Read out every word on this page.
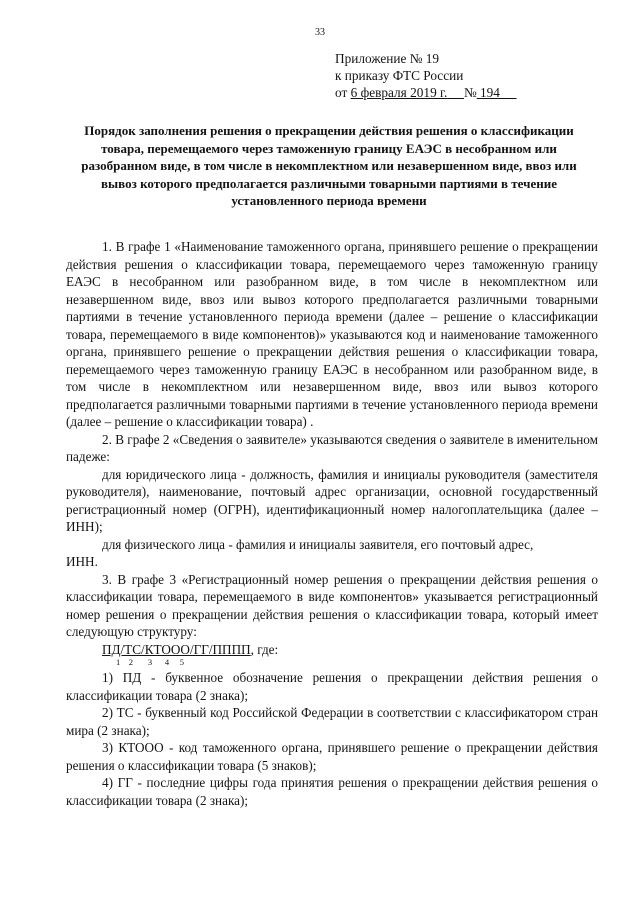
33
Приложение № 19
к приказу ФТС России
от 6 февраля 2019 г. № 194
Порядок заполнения решения о прекращении действия решения о классификации товара, перемещаемого через таможенную границу ЕАЭС в несобранном или разобранном виде, в том числе в некомплектном или незавершенном виде, ввоз или вывоз которого предполагается различными товарными партиями в течение установленного периода времени

1. В графе 1 «Наименование таможенного органа, принявшего решение о прекращении действия решения о классификации товара, перемещаемого через таможенную границу ЕАЭС в несобранном или разобранном виде, в том числе в некомплектном или незавершенном виде, ввоз или вывоз которого предполагается различными товарными партиями в течение установленного периода времени (далее – решение о классификации товара, перемещаемого в виде компонентов)» указываются код и наименование таможенного органа, принявшего решение о прекращении действия решения о классификации товара, перемещаемого через таможенную границу ЕАЭС в несобранном или разобранном виде, в том числе в некомплектном или незавершенном виде, ввоз или вывоз которого предполагается различными товарными партиями в течение установленного периода времени (далее – решение о классификации товара) .

2. В графе 2 «Сведения о заявителе» указываются сведения о заявителе в именительном падеже:

для юридического лица - должность, фамилия и инициалы руководителя (заместителя руководителя), наименование, почтовый адрес организации, основной государственный регистрационный номер (ОГРН), идентификационный номер налогоплательщика (далее – ИНН);

для физического лица - фамилия и инициалы заявителя, его почтовый адрес,

ИНН.

3. В графе 3 «Регистрационный номер решения о прекращении действия решения о классификации товара, перемещаемого в виде компонентов» указывается регистрационный номер решения о прекращении действия решения о классификации товара, который имеет следующую структуру:

ПД/ТС/КТООО/ГГ/ПППП, где:
1    2       3      4     5

1) ПД - буквенное обозначение решения о прекращении действия решения о классификации товара (2 знака);

2) ТС - буквенный код Российской Федерации в соответствии с классификатором стран мира (2 знака);

3) КТООО - код таможенного органа, принявшего решение о прекращении действия решения о классификации товара (5 знаков);

4) ГГ - последние цифры года принятия решения о прекращении действия решения о классификации товара (2 знака);
